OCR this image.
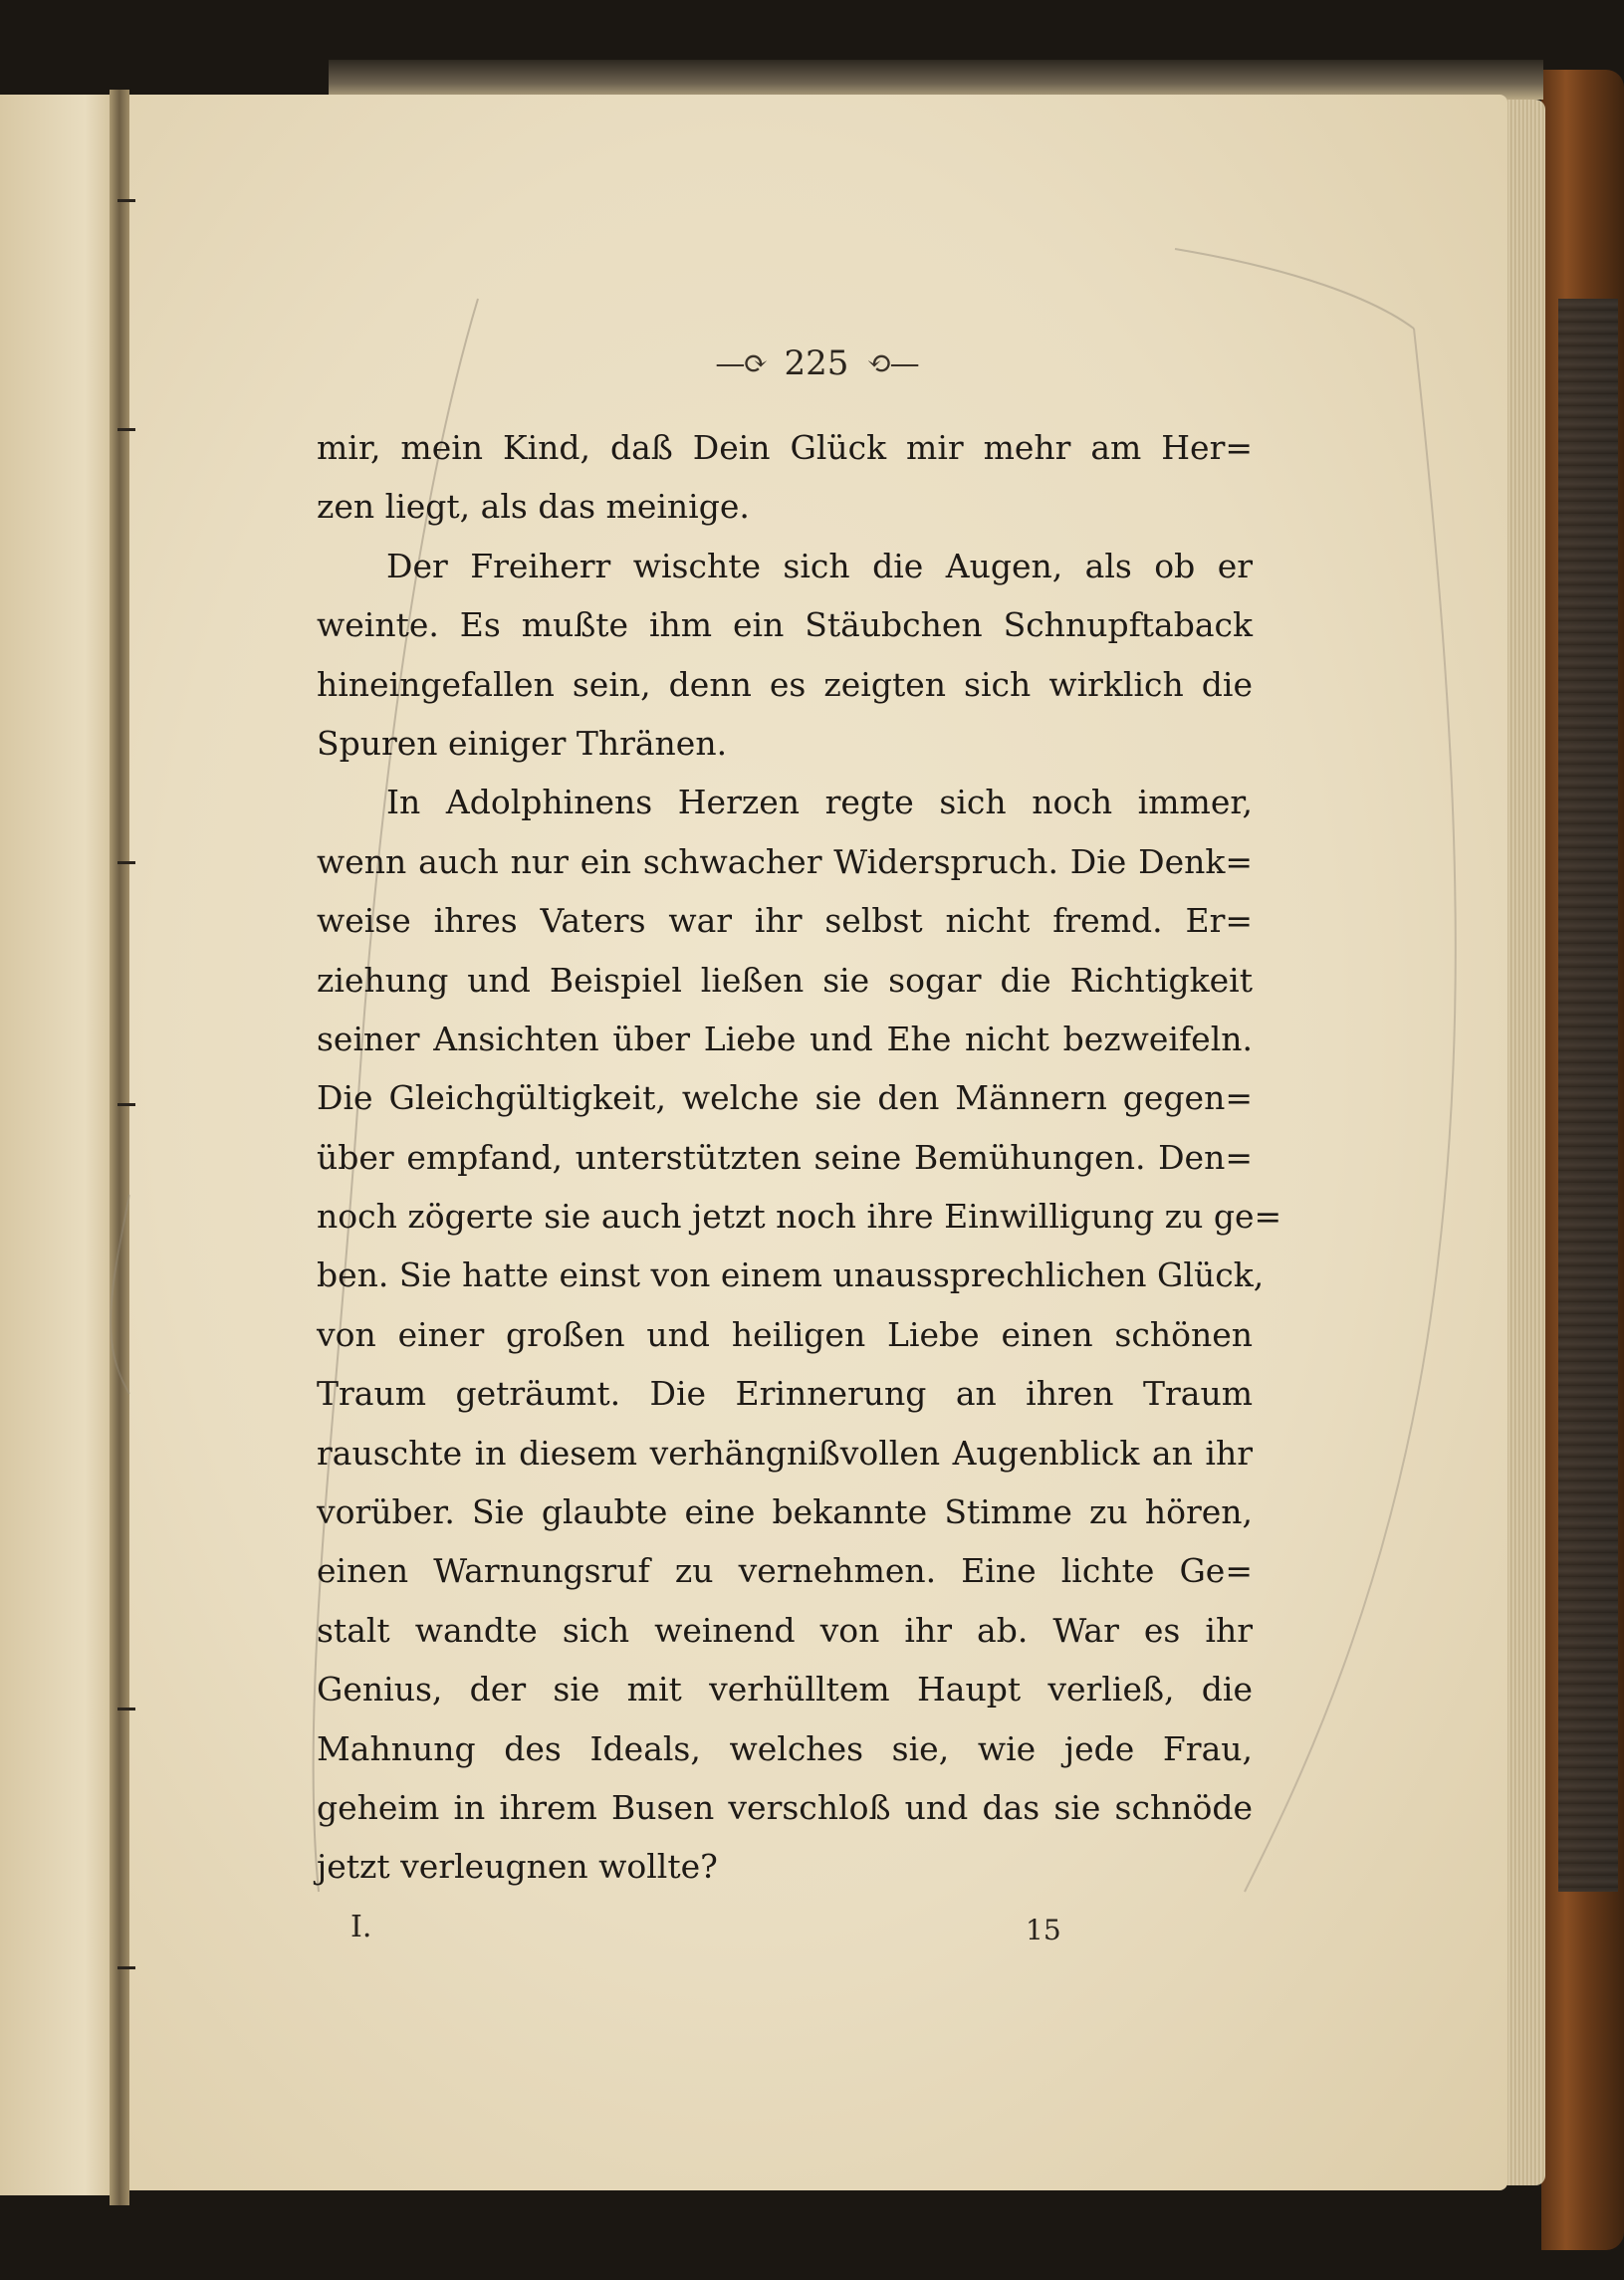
—⟳ 225 ⟲—
mir, mein Kind, daß Dein Glück mir mehr am Her=
zen liegt, als das meinige.
Der Freiherr wischte sich die Augen, als ob er
weinte. Es mußte ihm ein Stäubchen Schnupftaback
hineingefallen sein, denn es zeigten sich wirklich die
Spuren einiger Thränen.
In Adolphinens Herzen regte sich noch immer,
wenn auch nur ein schwacher Widerspruch. Die Denk=
weise ihres Vaters war ihr selbst nicht fremd. Er=
ziehung und Beispiel ließen sie sogar die Richtigkeit
seiner Ansichten über Liebe und Ehe nicht bezweifeln.
Die Gleichgültigkeit, welche sie den Männern gegen=
über empfand, unterstützten seine Bemühungen. Den=
noch zögerte sie auch jetzt noch ihre Einwilligung zu ge=
ben. Sie hatte einst von einem unaussprechlichen Glück,
von einer großen und heiligen Liebe einen schönen
Traum geträumt. Die Erinnerung an ihren Traum
rauschte in diesem verhängnißvollen Augenblick an ihr
vorüber. Sie glaubte eine bekannte Stimme zu hören,
einen Warnungsruf zu vernehmen. Eine lichte Ge=
stalt wandte sich weinend von ihr ab. War es ihr
Genius, der sie mit verhülltem Haupt verließ, die
Mahnung des Ideals, welches sie, wie jede Frau,
geheim in ihrem Busen verschloß und das sie schnöde
jetzt verleugnen wollte?
I.	15
